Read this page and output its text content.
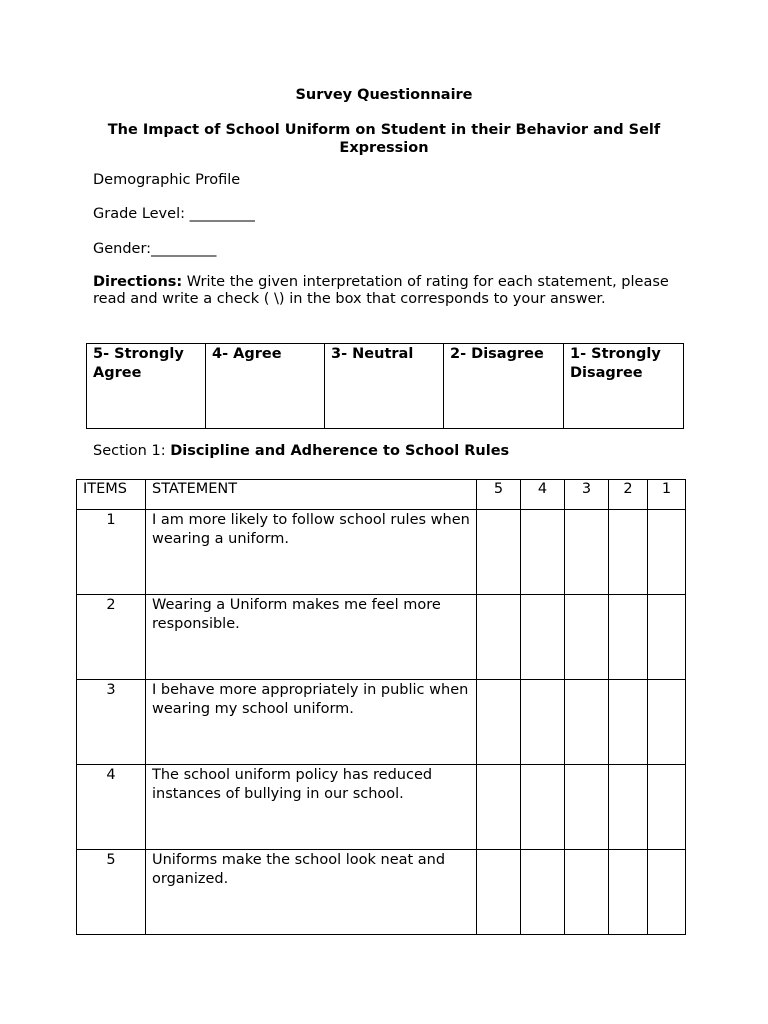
Survey Questionnaire
The Impact of School Uniform on Student in their Behavior and Self Expression
Demographic Profile
Grade Level: _________
Gender:_________
Directions: Write the given interpretation of rating for each statement, please read and write a check ( \) in the box that corresponds to your answer.
5- Strongly Agree	4- Agree	3- Neutral	2- Disagree	1- Strongly Disagree
Section 1: Discipline and Adherence to School Rules
ITEMS	STATEMENT	5	4	3	2	1
1	I am more likely to follow school rules when wearing a uniform.					
2	Wearing a Uniform makes me feel more responsible.					
3	I behave more appropriately in public when wearing my school uniform.					
4	The school uniform policy has reduced instances of bullying in our school.					
5	Uniforms make the school look neat and organized.					
